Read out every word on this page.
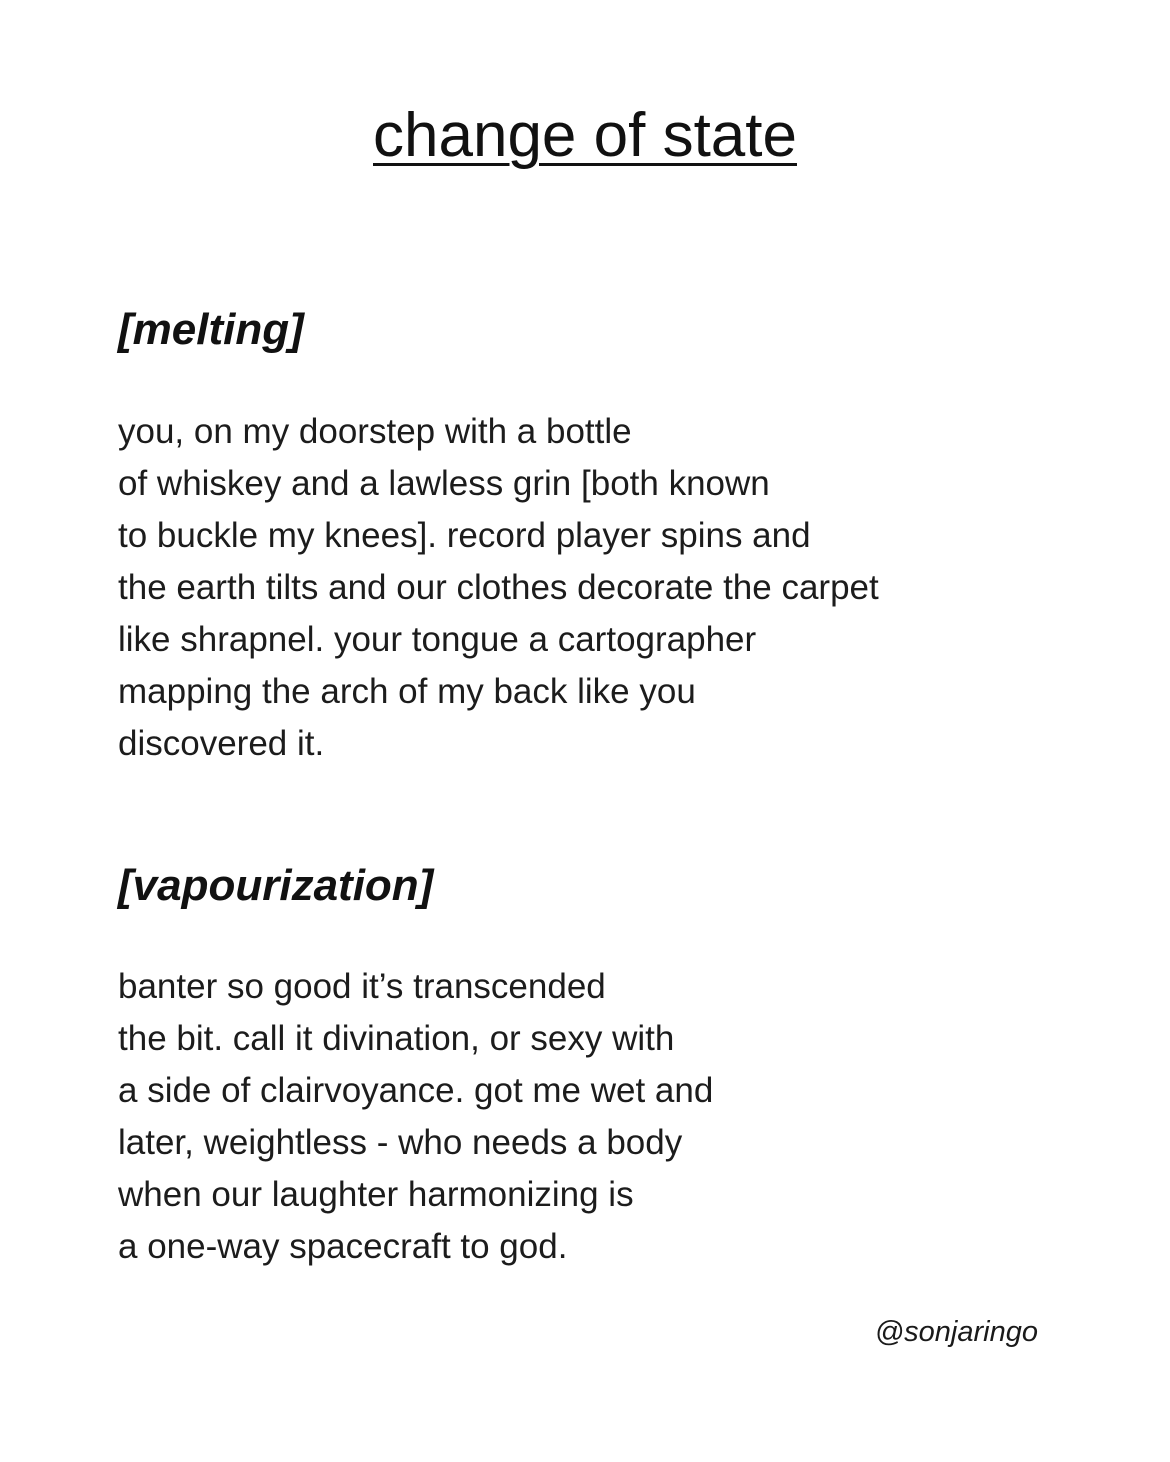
change of state
[melting]
you, on my doorstep with a bottle
of whiskey and a lawless grin [both known
to buckle my knees]. record player spins and
the earth tilts and our clothes decorate the carpet
like shrapnel. your tongue a cartographer
mapping the arch of my back like you
discovered it.
[vapourization]
banter so good it’s transcended
the bit. call it divination, or sexy with
a side of clairvoyance. got me wet and
later, weightless - who needs a body
when our laughter harmonizing is
a one-way spacecraft to god.
@sonjaringo
